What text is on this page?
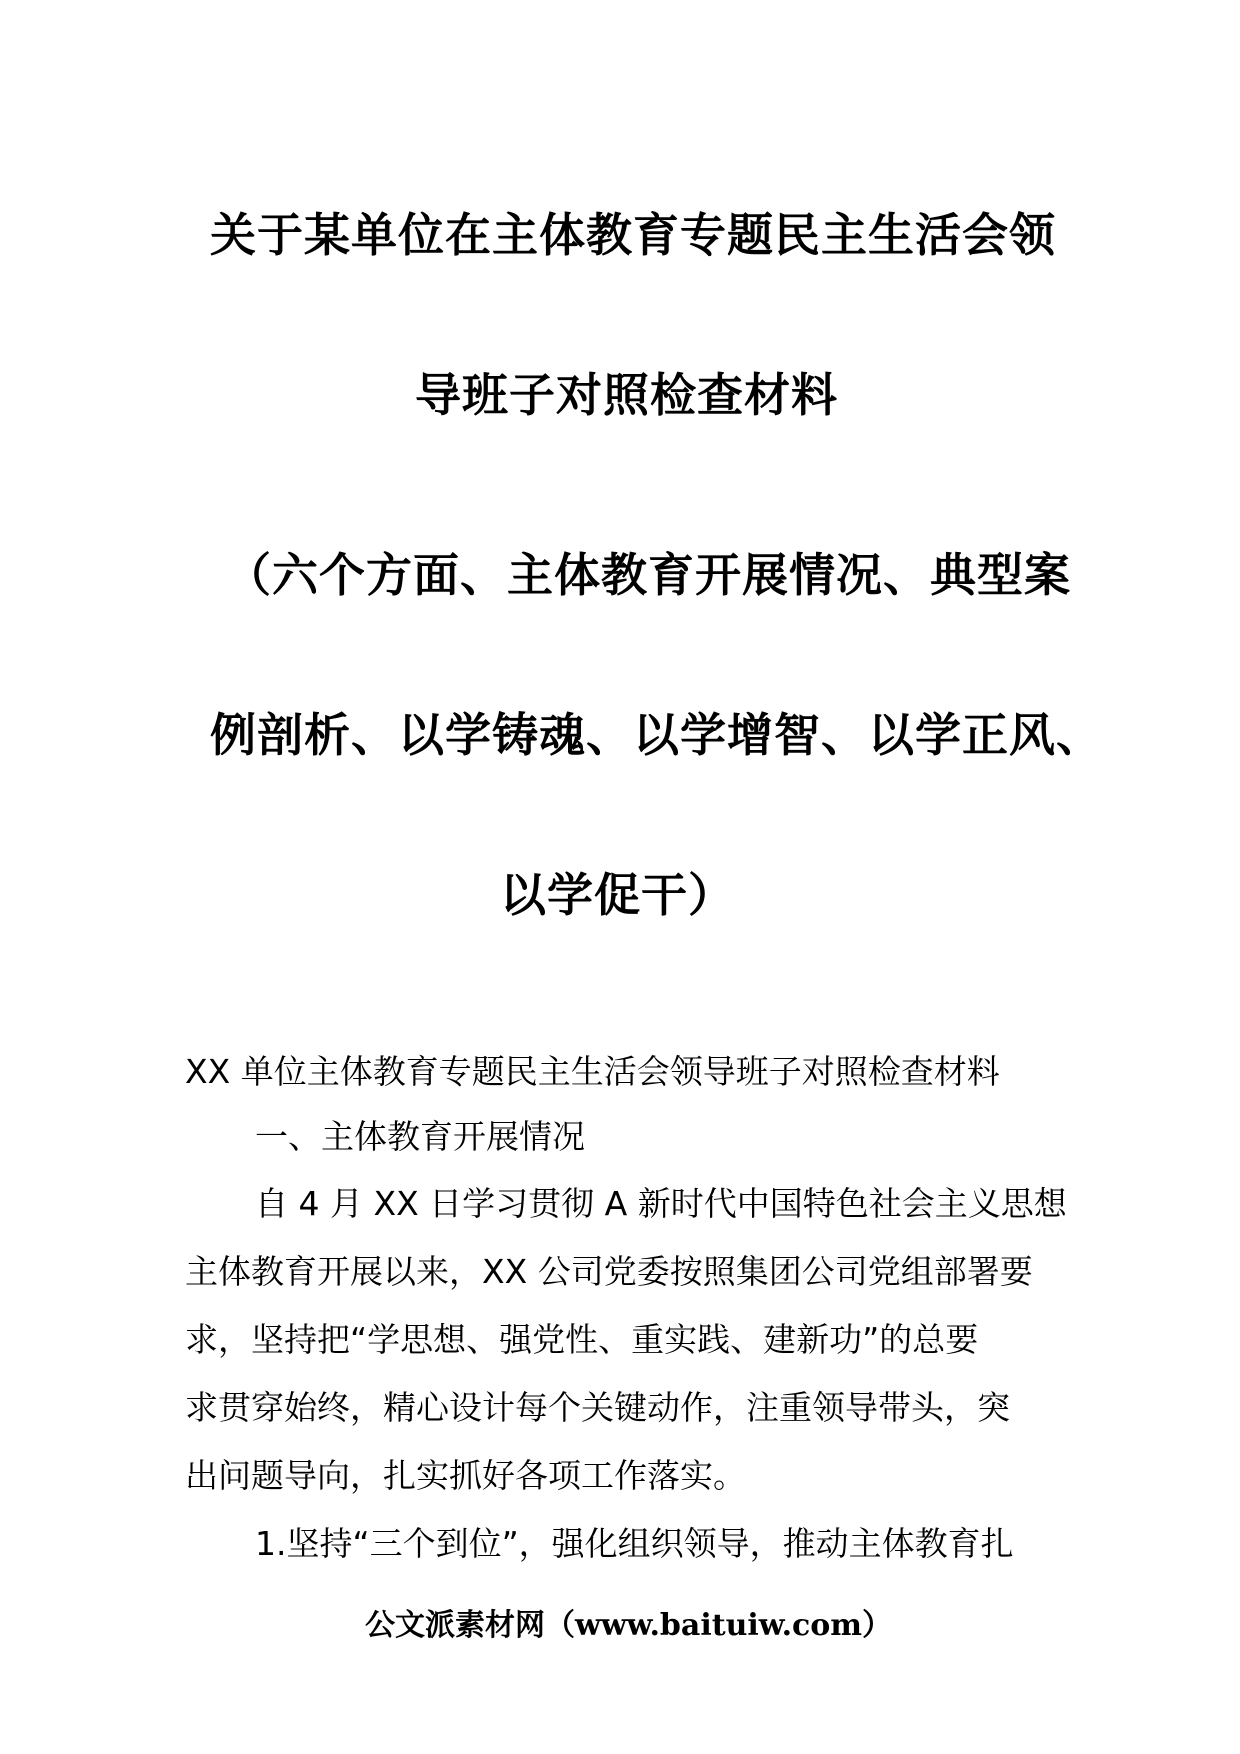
关于某单位在主体教育专题民主生活会领
导班子对照检查材料
（六个方面、主体教育开展情况、典型案
例剖析、以学铸魂、以学增智、以学正风、
以学促干）
XX 单位主体教育专题民主生活会领导班子对照检查材料
一、主体教育开展情况
自 4 月 XX 日学习贯彻 A 新时代中国特色社会主义思想
主体教育开展以来，XX 公司党委按照集团公司党组部署要
求，坚持把“学思想、强党性、重实践、建新功”的总要
求贯穿始终，精心设计每个关键动作，注重领导带头，突
出问题导向，扎实抓好各项工作落实。
1.坚持“三个到位”，强化组织领导，推动主体教育扎
公文派素材网（www.baituiw.com）
